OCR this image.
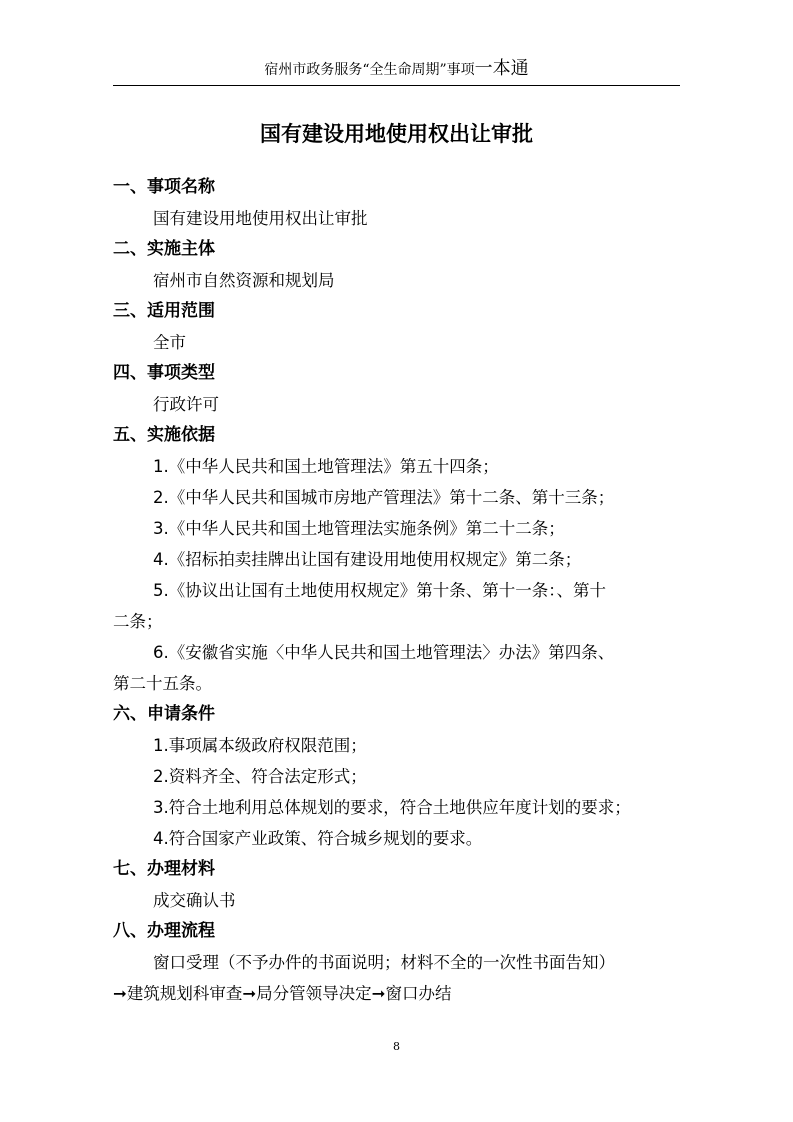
宿州市政务服务“全生命周期”事项一本通
国有建设用地使用权出让审批
一、事项名称
国有建设用地使用权出让审批
二、实施主体
宿州市自然资源和规划局
三、适用范围
全市
四、事项类型
行政许可
五、实施依据
1.《中华人民共和国土地管理法》第五十四条；
2.《中华人民共和国城市房地产管理法》第十二条、第十三条；
3.《中华人民共和国土地管理法实施条例》第二十二条；
4.《招标拍卖挂牌出让国有建设用地使用权规定》第二条；
5.《协议出让国有土地使用权规定》第十条、第十一条：、第十
二条；
6.《安徽省实施〈中华人民共和国土地管理法〉办法》第四条、
第二十五条。
六、申请条件
1.事项属本级政府权限范围；
2.资料齐全、符合法定形式；
3.符合土地利用总体规划的要求，符合土地供应年度计划的要求；
4.符合国家产业政策、符合城乡规划的要求。
七、办理材料
成交确认书
八、办理流程
窗口受理（不予办件的书面说明；材料不全的一次性书面告知）
➞建筑规划科审查➞局分管领导决定➞窗口办结
8
